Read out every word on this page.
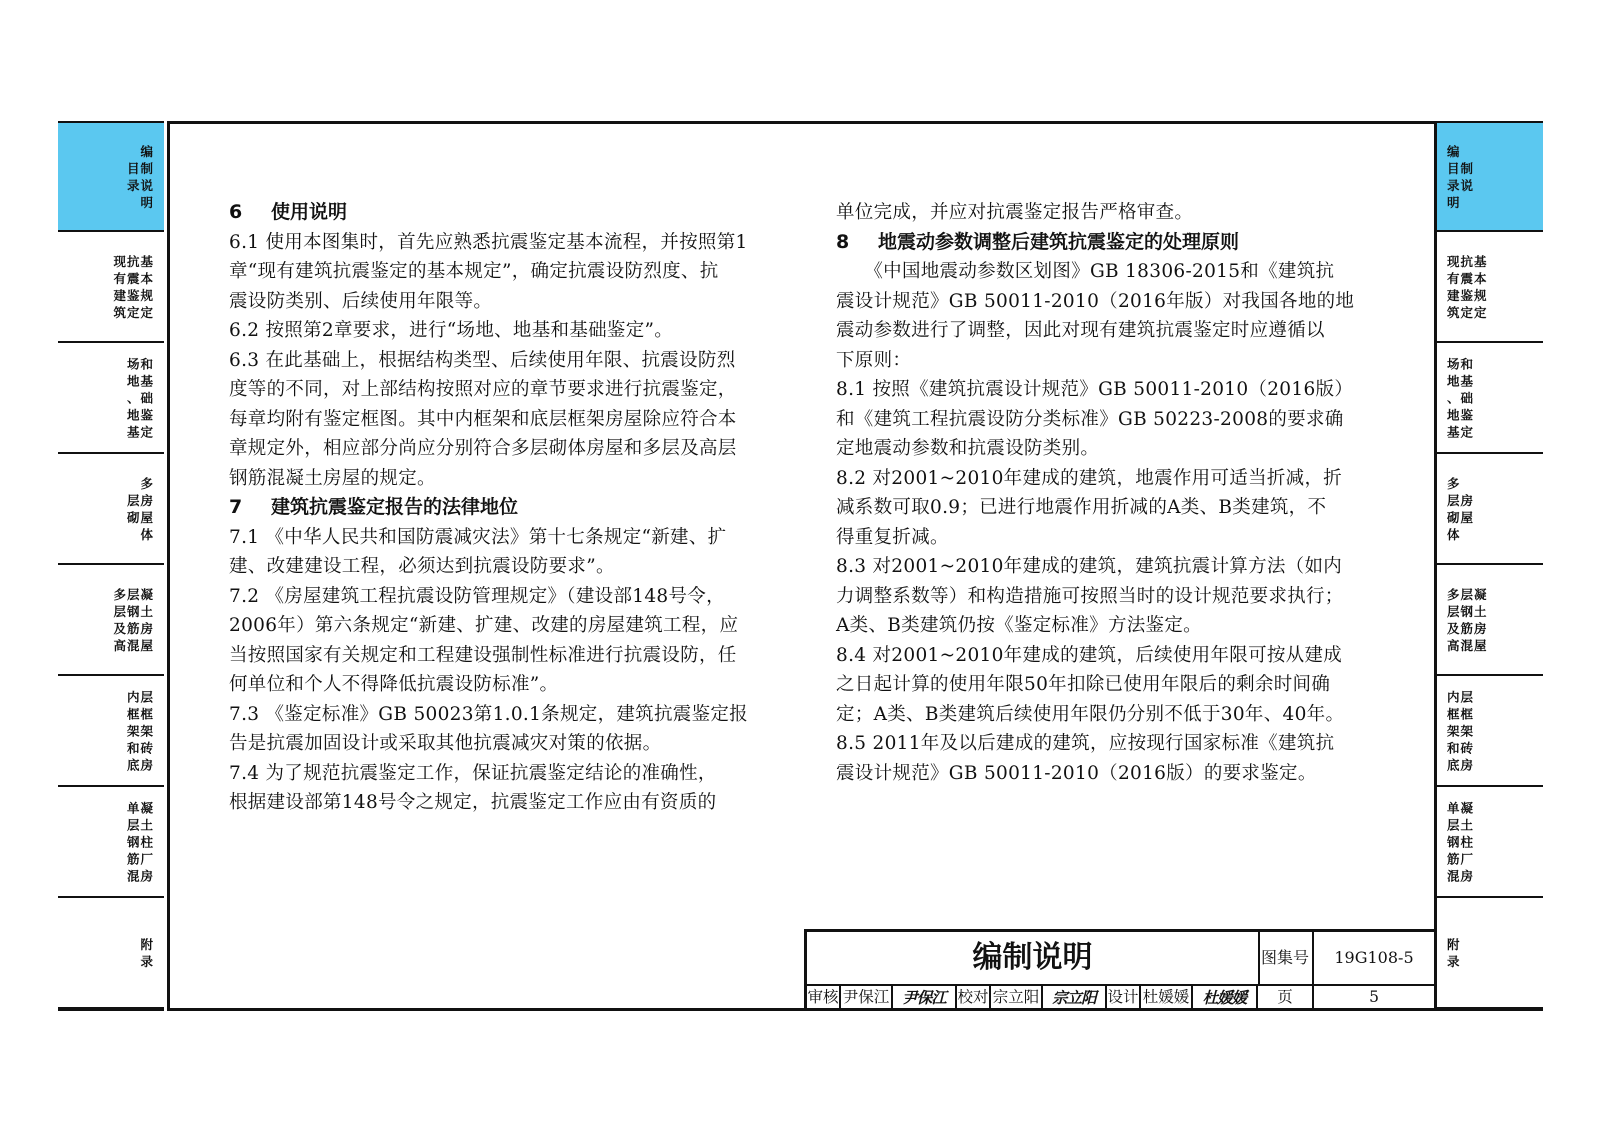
编
目制
录说
明
现抗基
有震本
建鉴规
筑定定
场和
地基
、础
地鉴
基定
多
层房
砌屋
体
多层凝
层钢土
及筋房
高混屋
内层
框框
架架
和砖
底房
单凝
层土
钢柱
筋厂
混房
附
录
编
目制
录说
明
现抗基
有震本
建鉴规
筑定定
场和
地基
、础
地鉴
基定
多
层房
砌屋
体
多层凝
层钢土
及筋房
高混屋
内层
框框
架架
和砖
底房
单凝
层土
钢柱
筋厂
混房
附
录
6 使用说明
6.1 使用本图集时，首先应熟悉抗震鉴定基本流程，并按照第1
章“现有建筑抗震鉴定的基本规定”，确定抗震设防烈度、抗
震设防类别、后续使用年限等。
6.2 按照第2章要求，进行“场地、地基和基础鉴定”。
6.3 在此基础上，根据结构类型、后续使用年限、抗震设防烈
度等的不同，对上部结构按照对应的章节要求进行抗震鉴定，
每章均附有鉴定框图。其中内框架和底层框架房屋除应符合本
章规定外，相应部分尚应分别符合多层砌体房屋和多层及高层
钢筋混凝土房屋的规定。
7 建筑抗震鉴定报告的法律地位
7.1 《中华人民共和国防震减灾法》第十七条规定“新建、扩
建、改建建设工程，必须达到抗震设防要求”。
7.2 《房屋建筑工程抗震设防管理规定》（建设部148号令，
2006年）第六条规定“新建、扩建、改建的房屋建筑工程，应
当按照国家有关规定和工程建设强制性标准进行抗震设防，任
何单位和个人不得降低抗震设防标准”。
7.3 《鉴定标准》GB 50023第1.0.1条规定，建筑抗震鉴定报
告是抗震加固设计或采取其他抗震减灾对策的依据。
7.4 为了规范抗震鉴定工作，保证抗震鉴定结论的准确性，
根据建设部第148号令之规定，抗震鉴定工作应由有资质的
单位完成，并应对抗震鉴定报告严格审查。
8 地震动参数调整后建筑抗震鉴定的处理原则
　　《中国地震动参数区划图》GB 18306-2015和《建筑抗
震设计规范》GB 50011-2010（2016年版）对我国各地的地
震动参数进行了调整，因此对现有建筑抗震鉴定时应遵循以
下原则：
8.1 按照《建筑抗震设计规范》GB 50011-2010（2016版）
和《建筑工程抗震设防分类标准》GB 50223-2008的要求确
定地震动参数和抗震设防类别。
8.2 对2001~2010年建成的建筑，地震作用可适当折减，折
减系数可取0.9；已进行地震作用折减的A类、B类建筑，不
得重复折减。
8.3 对2001~2010年建成的建筑，建筑抗震计算方法（如内
力调整系数等）和构造措施可按照当时的设计规范要求执行；
A类、B类建筑仍按《鉴定标准》方法鉴定。
8.4 对2001~2010年建成的建筑，后续使用年限可按从建成
之日起计算的使用年限50年扣除已使用年限后的剩余时间确
定；A类、B类建筑后续使用年限仍分别不低于30年、40年。
8.5 2011年及以后建成的建筑，应按现行国家标准《建筑抗
震设计规范》GB 50011-2010（2016版）的要求鉴定。
编制说明	图集号	19G108-5
审核 尹保江 尹保江 校对 宗立阳 宗立阳 设计 杜媛媛 杜媛媛	页	5
